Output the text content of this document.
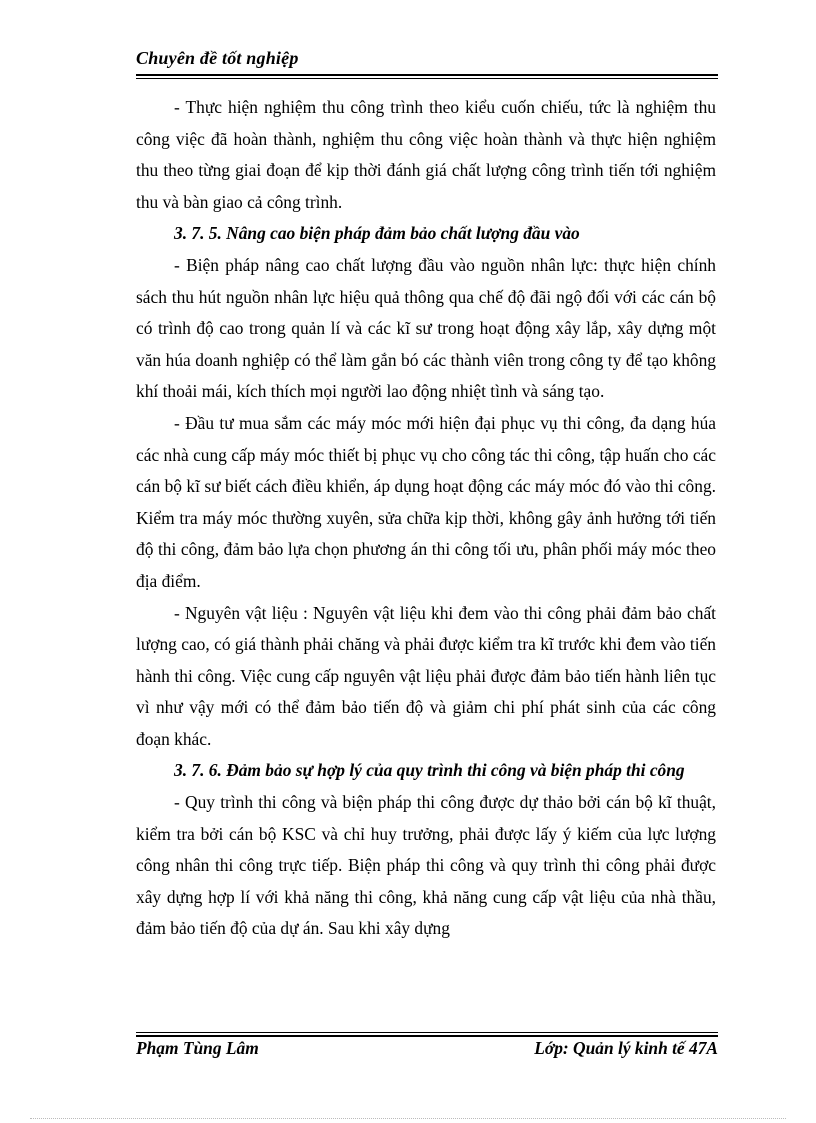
Chuyên đề tốt nghiệp

- Thực hiện nghiệm thu công trình theo kiểu cuốn chiếu, tức là nghiệm thu công việc đã hoàn thành, nghiệm thu công việc hoàn thành và thực hiện nghiệm thu theo từng giai đoạn để kịp thời đánh giá chất lượng công trình tiến tới nghiệm thu và bàn giao cả công trình.

3. 7. 5. Nâng cao biện pháp đảm bảo chất lượng đầu vào

- Biện pháp nâng cao chất lượng đầu vào nguồn nhân lực: thực hiện chính sách thu hút nguồn nhân lực hiệu quả thông qua chế độ đãi ngộ đối với các cán bộ có trình độ cao trong quản lí và các kĩ sư trong hoạt động xây lắp, xây dựng một văn húa doanh nghiệp có thể làm gắn bó các thành viên trong công ty để tạo không khí thoải mái, kích thích mọi người lao động nhiệt tình và sáng tạo.

- Đầu tư mua sắm các máy móc mới hiện đại phục vụ thi công, đa dạng húa các nhà cung cấp máy móc thiết bị phục vụ cho công tác thi công, tập huấn cho các cán bộ kĩ sư biết cách điều khiển, áp dụng hoạt động các máy móc đó vào thi công. Kiểm tra máy móc thường xuyên, sửa chữa kịp thời, không gây ảnh hưởng tới tiến độ thi công, đảm bảo lựa chọn phương án thi công tối ưu, phân phối máy móc theo địa điểm.

- Nguyên vật liệu : Nguyên vật liệu khi đem vào thi công phải đảm bảo chất lượng cao, có giá thành phải chăng và phải được kiểm tra kĩ trước khi đem vào tiến hành thi công. Việc cung cấp nguyên vật liệu phải được đảm bảo tiến hành liên tục vì như vậy mới có thể đảm bảo tiến độ và giảm chi phí phát sinh của các công đoạn khác.

3. 7. 6. Đảm bảo sự hợp lý của quy trình thi công và biện pháp thi công

- Quy trình thi công và biện pháp thi công được dự thảo bởi cán bộ kĩ thuật, kiểm tra bởi cán bộ KSC và chỉ huy trưởng, phải được lấy ý kiếm của lực lượng công nhân thi công trực tiếp. Biện pháp thi công và quy trình thi công phải được xây dựng hợp lí với khả năng thi công, khả năng cung cấp vật liệu của nhà thầu, đảm bảo tiến độ của dự án. Sau khi xây dựng

Phạm Tùng Lâm	Lớp: Quản lý kinh tế 47A
